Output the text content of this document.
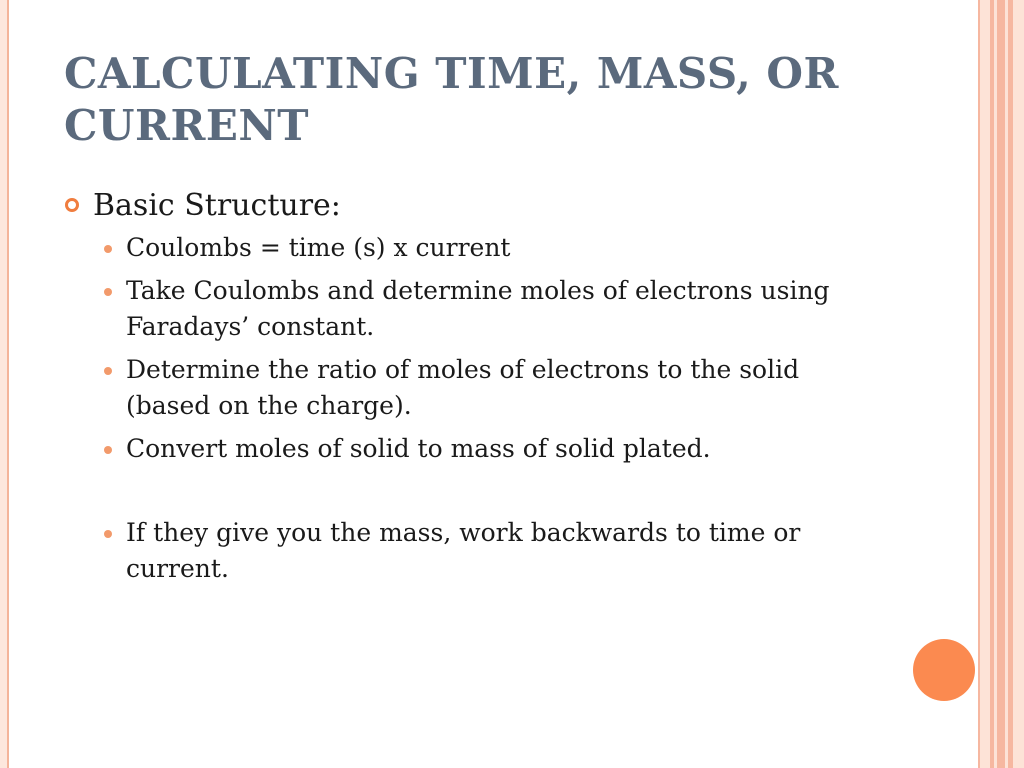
CALCULATING TIME, MASS, OR CURRENT
Basic Structure:
Coulombs = time (s) x current
Take Coulombs and determine moles of electrons using Faradays’ constant.
Determine the ratio of moles of electrons to the solid (based on the charge).
Convert moles of solid to mass of solid plated.
If they give you the mass, work backwards to time or current.
